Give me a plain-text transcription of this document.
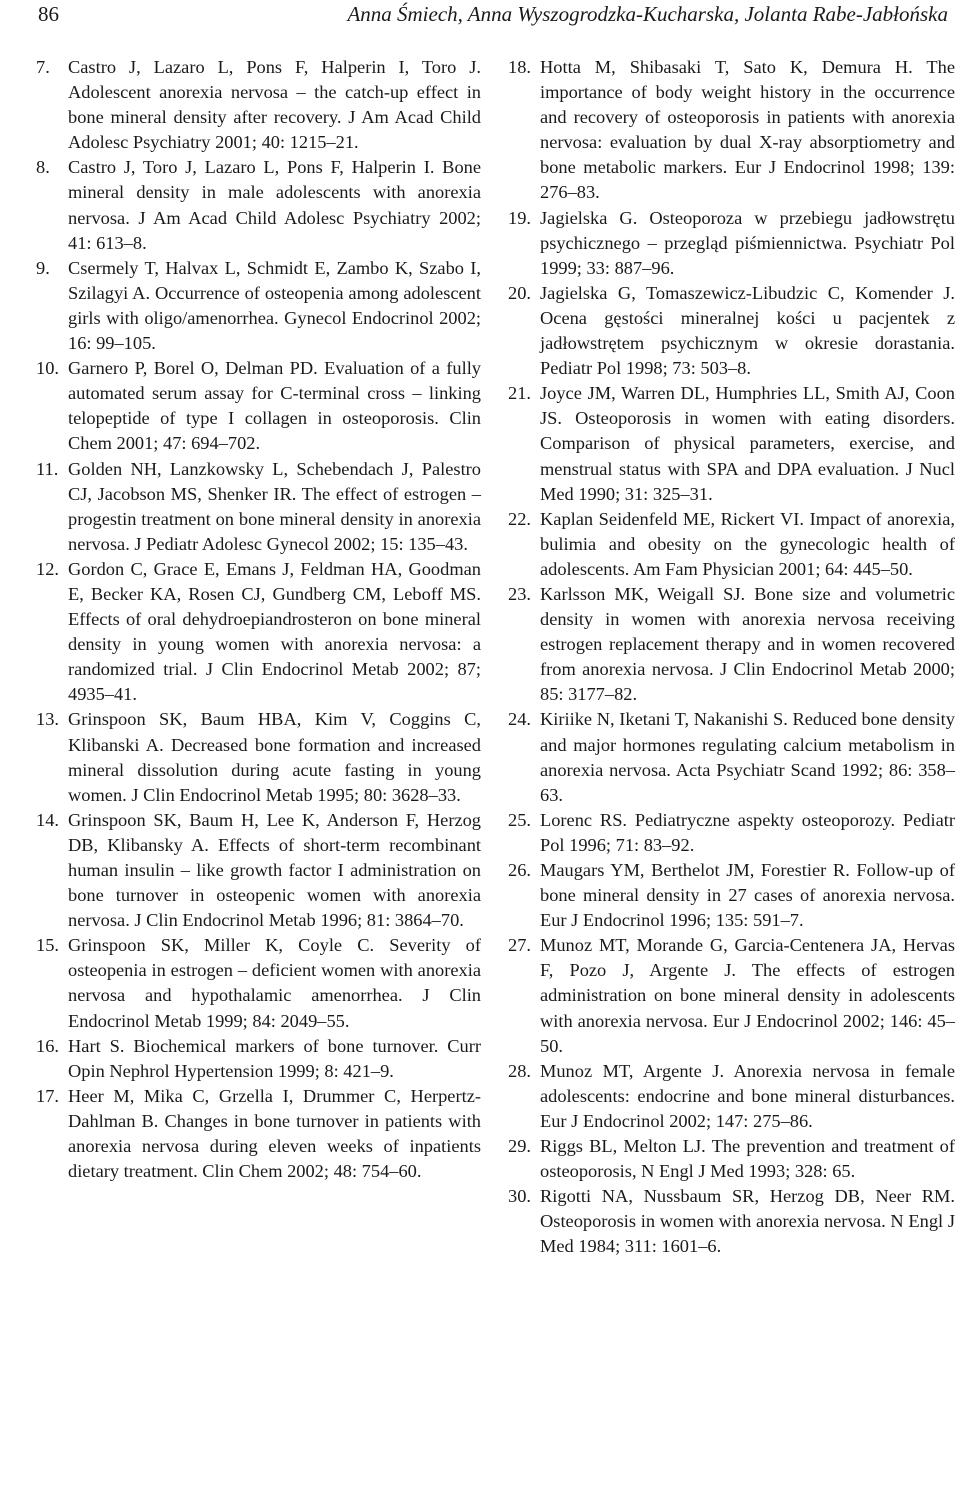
86	Anna Śmiech, Anna Wyszogrodzka-Kucharska, Jolanta Rabe-Jabłońska
7. Castro J, Lazaro L, Pons F, Halperin I, Toro J. Adolescent anorexia nervosa – the catch-up effect in bone mineral density after recovery. J Am Acad Child Adolesc Psychiatry 2001; 40: 1215–21.
8. Castro J, Toro J, Lazaro L, Pons F, Halperin I. Bone mineral density in male adolescents with anorexia nervosa. J Am Acad Child Adolesc Psychiatry 2002; 41: 613–8.
9. Csermely T, Halvax L, Schmidt E, Zambo K, Szabo I, Szilagyi A. Occurrence of osteopenia among adolescent girls with oligo/amenorrhea. Gynecol Endocrinol 2002; 16: 99–105.
10. Garnero P, Borel O, Delman PD. Evaluation of a fully automated serum assay for C-terminal cross – linking telopeptide of type I collagen in osteoporosis. Clin Chem 2001; 47: 694–702.
11. Golden NH, Lanzkowsky L, Schebendach J, Palestro CJ, Jacobson MS, Shenker IR. The effect of estrogen – progestin treatment on bone mineral density in anorexia nervosa. J Pediatr Adolesc Gynecol 2002; 15: 135–43.
12. Gordon C, Grace E, Emans J, Feldman HA, Goodman E, Becker KA, Rosen CJ, Gundberg CM, Leboff MS. Effects of oral dehydroepiandrosteron on bone mineral density in young women with anorexia nervosa: a randomized trial. J Clin Endocrinol Metab 2002; 87; 4935–41.
13. Grinspoon SK, Baum HBA, Kim V, Coggins C, Klibanski A. Decreased bone formation and increased mineral dissolution during acute fasting in young women. J Clin Endocrinol Metab 1995; 80: 3628–33.
14. Grinspoon SK, Baum H, Lee K, Anderson F, Herzog DB, Klibansky A. Effects of short-term recombinant human insulin – like growth factor I administration on bone turnover in osteopenic women with anorexia nervosa. J Clin Endocrinol Metab 1996; 81: 3864–70.
15. Grinspoon SK, Miller K, Coyle C. Severity of osteopenia in estrogen – deficient women with anorexia nervosa and hypothalamic amenorrhea. J Clin Endocrinol Metab 1999; 84: 2049–55.
16. Hart S. Biochemical markers of bone turnover. Curr Opin Nephrol Hypertension 1999; 8: 421–9.
17. Heer M, Mika C, Grzella I, Drummer C, Herpertz-Dahlman B. Changes in bone turnover in patients with anorexia nervosa during eleven weeks of inpatients dietary treatment. Clin Chem 2002; 48: 754–60.
18. Hotta M, Shibasaki T, Sato K, Demura H. The importance of body weight history in the occurrence and recovery of osteoporosis in patients with anorexia nervosa: evaluation by dual X-ray absorptiometry and bone metabolic markers. Eur J Endocrinol 1998; 139: 276–83.
19. Jagielska G. Osteoporoza w przebiegu jadłowstrętu psychicznego – przegląd piśmiennictwa. Psychiatr Pol 1999; 33: 887–96.
20. Jagielska G, Tomaszewicz-Libudzic C, Komender J. Ocena gęstości mineralnej kości u pacjentek z jadłowstrętem psychicznym w okresie dorastania. Pediatr Pol 1998; 73: 503–8.
21. Joyce JM, Warren DL, Humphries LL, Smith AJ, Coon JS. Osteoporosis in women with eating disorders. Comparison of physical parameters, exercise, and menstrual status with SPA and DPA evaluation. J Nucl Med 1990; 31: 325–31.
22. Kaplan Seidenfeld ME, Rickert VI. Impact of anorexia, bulimia and obesity on the gynecologic health of adolescents. Am Fam Physician 2001; 64: 445–50.
23. Karlsson MK, Weigall SJ. Bone size and volumetric density in women with anorexia nervosa receiving estrogen replacement therapy and in women recovered from anorexia nervosa. J Clin Endocrinol Metab 2000; 85: 3177–82.
24. Kiriike N, Iketani T, Nakanishi S. Reduced bone density and major hormones regulating calcium metabolism in anorexia nervosa. Acta Psychiatr Scand 1992; 86: 358–63.
25. Lorenc RS. Pediatryczne aspekty osteoporozy. Pediatr Pol 1996; 71: 83–92.
26. Maugars YM, Berthelot JM, Forestier R. Follow-up of bone mineral density in 27 cases of anorexia nervosa. Eur J Endocrinol 1996; 135: 591–7.
27. Munoz MT, Morande G, Garcia-Centenera JA, Hervas F, Pozo J, Argente J. The effects of estrogen administration on bone mineral density in adolescents with anorexia nervosa. Eur J Endocrinol 2002; 146: 45–50.
28. Munoz MT, Argente J. Anorexia nervosa in female adolescents: endocrine and bone mineral disturbances. Eur J Endocrinol 2002; 147: 275–86.
29. Riggs BL, Melton LJ. The prevention and treatment of osteoporosis, N Engl J Med 1993; 328: 65.
30. Rigotti NA, Nussbaum SR, Herzog DB, Neer RM. Osteoporosis in women with anorexia nervosa. N Engl J Med 1984; 311: 1601–6.
